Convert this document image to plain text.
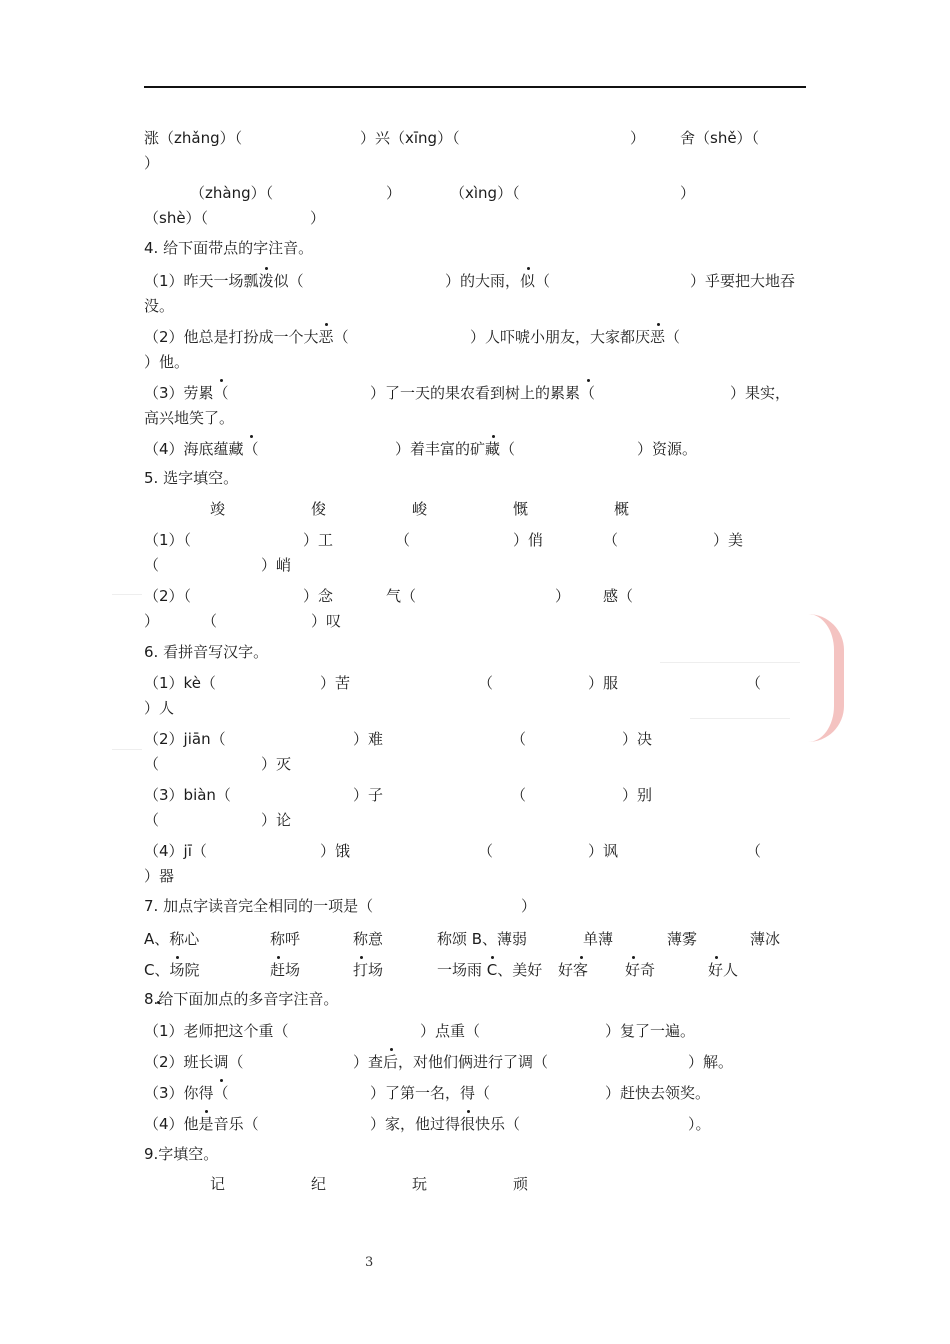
涨（zhǎng）（	）兴（xīng）（	） 舍（shě）（
）
（zhàng）（	）	（xìng）（	）
（shè）（	）
4. 给下面带点的字注音。
（1）昨天一场瓢泼似（	）的大雨，似（	）乎要把大地吞
没。
（2）他总是打扮成一个大恶（	）人吓唬小朋友，大家都厌恶（
）他。
（3）劳累（	）了一天的果农看到树上的累累（	）果实，
高兴地笑了。
（4）海底蕴藏（	）着丰富的矿藏（	）资源。
5. 选字填空。
竣	俊	峻	慨	概
（1）（	）工	（	）俏	（	）美
（	）峭
（2）（	）念	气（	） 感（
）	（	）叹
6. 看拼音写汉字。
（1）kè（	）苦	（	）服	（
）人
（2）jiān（	）难	（	）决
（	）灭
（3）biàn（	）子	（	）别
（	）论
（4）jī（	）饿	（	）讽	（
）器
7. 加点字读音完全相同的一项是（	）
A、称心	称呼	称意	称颂 B、薄弱	单薄	薄雾	薄冰
C、场院	赶场	打场	一场雨 C、美好 好客 好奇	好人
8.给下面加点的多音字注音。
（1）老师把这个重（	）点重（	）复了一遍。
（2）班长调（	）查后，对他们俩进行了调（	）解。
（3）你得（	）了第一名，得（	）赶快去领奖。
（4）他是音乐（	）家，他过得很快乐（	）。
9.字填空。
记	纪	玩	顽
3
